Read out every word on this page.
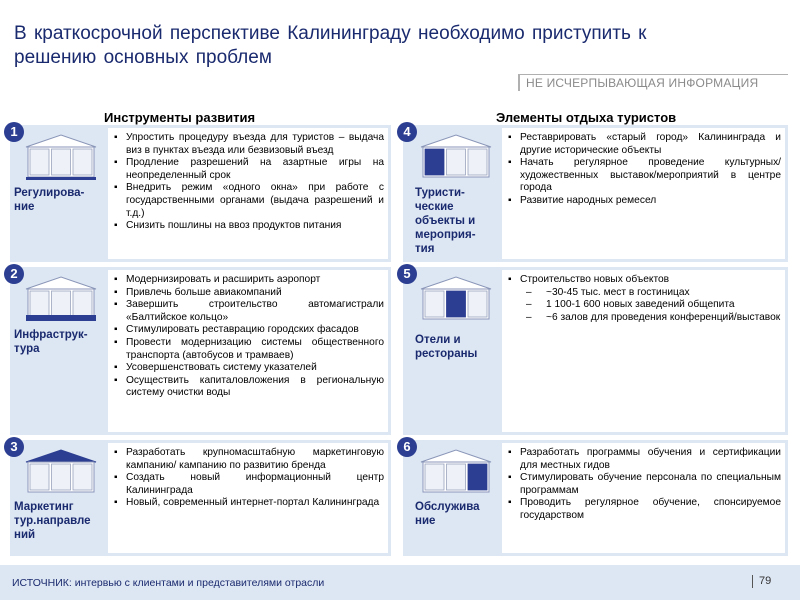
В краткосрочной перспективе Калининграду необходимо приступить к решению основных проблем
НЕ ИСЧЕРПЫВАЮЩАЯ ИНФОРМАЦИЯ
Инструменты развития	Элементы отдыха туристов
▪ Упростить процедуру въезда для туристов – выдача виз в пунктах въезда или безвизовый въезд
▪ Продление разрешений на азартные игры на неопределенный срок
▪ Внедрить режим «одного окна» при работе с государственными органами (выдача разрешений и т.д.)
▪ Снизить пошлины на ввоз продуктов питания
▪ Модернизировать и расширить аэропорт
▪ Привлечь больше авиакомпаний
▪ Завершить строительство автомагистрали «Балтийское кольцо»
▪ Стимулировать реставрацию городских фасадов
▪ Провести модернизацию системы общественного транспорта (автобусов и трамваев)
▪ Усовершенствовать систему указателей
▪ Осуществить капиталовложения в региональную систему очистки воды
▪ Разработать крупномасштабную маркетинговую кампанию/ кампанию по развитию бренда
▪ Создать новый информационный центр Калининграда
▪ Новый, современный интернет-портал Калининграда
▪ Реставрировать «старый город» Калининграда и другие исторические объекты
▪ Начать регулярное проведение культурных/художественных выставок/мероприятий в центре города
▪ Развитие народных ремесел
▪ Строительство новых объектов
– ~30-45 тыс. мест в гостиницах
– 1 100-1 600 новых заведений общепита
– ~6 залов для проведения конференций/выставок
▪ Разработать программы обучения и сертификации для местных гидов
▪ Стимулировать обучение персонала по специальным программам
▪ Проводить регулярное обучение, спонсируемое государством
1
2
3
4
5
6
Регулирова-
ние
Инфраструк-
тура
Маркетинг
тур.направле
ний
Туристи-
ческие
объекты и
мероприя-
тия
Отели и
рестораны
Обслужива
ние
ИСТОЧНИК: интервью с клиентами и представителями отрасли	79
